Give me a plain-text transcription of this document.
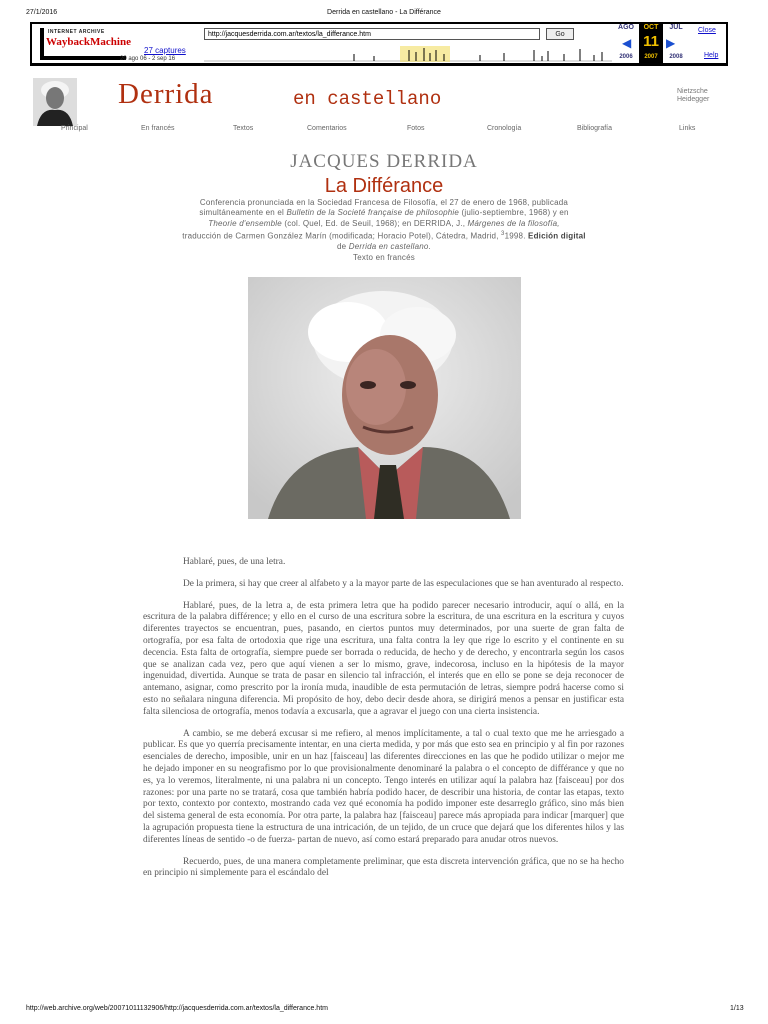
27/1/2016	Derrida en castellano - La Différance
INTERNET ARCHIVE
WaybackMachine
http://jacquesderrida.com.ar/textos/la_differance.htm	Go
27 captures
20 ago 06 - 2 sep 16
AGO	OCT	JUL
◀ 11 ▶
2006	2007	2008
Close
Help
Derrida	en castellano	Nietzsche
Heidegger
Principal	En francés	Textos	Comentarios	Fotos	Cronología	Bibliografía	Links
JACQUES DERRIDA
La Différance
Conferencia pronunciada en la Sociedad Francesa de Filosofía, el 27 de enero de 1968, publicada
simultáneamente en el Bulletin de la Societé française de philosophie (julio-septiembre, 1968) y en
Theorie d'ensemble (col. Quel, Ed. de Seuil, 1968); en DERRIDA, J., Márgenes de la filosofía,
traducción de Carmen González Marín (modificada; Horacio Potel), Cátedra, Madrid, $^3$1998. Edición digital
de Derrida en castellano.
Texto en francés

Hablaré, pues, de una letra.

De la primera, si hay que creer al alfabeto y a la mayor parte de las especulaciones que se han aventurado al respecto.

Hablaré, pues, de la letra a, de esta primera letra que ha podido parecer necesario introducir, aquí o allá, en la escritura de la palabra différence; y ello en el curso de una escritura sobre la escritura, de una escritura en la escritura y cuyos diferentes trayectos se encuentran, pues, pasando, en ciertos puntos muy determinados, por una suerte de gran falta de ortografía, por esa falta de ortodoxia que rige una escritura, una falta contra la ley que rige lo escrito y el continente en su decencia. Esta falta de ortografía, siempre puede ser borrada o reducida, de hecho y de derecho, y encontrarla según los casos que se analizan cada vez, pero que aquí vienen a ser lo mismo, grave, indecorosa, incluso en la hipótesis de la mayor ingenuidad, divertida. Aunque se trata de pasar en silencio tal infracción, el interés que en ello se pone se deja reconocer de antemano, asignar, como prescrito por la ironía muda, inaudible de esta permutación de letras, siempre podrá hacerse como si esto no señalara ninguna diferencia. Mi propósito de hoy, debo decir desde ahora, se dirigirá menos a pensar en justificar esta falta silenciosa de ortografía, menos todavía a excusarla, que a agravar el juego con una cierta insistencia.

A cambio, se me deberá excusar si me refiero, al menos implícitamente, a tal o cual texto que me he arriesgado a publicar. Es que yo querría precisamente intentar, en una cierta medida, y por más que esto sea en principio y al fin por razones esenciales de derecho, imposible, unir en un haz [faisceau] las diferentes direcciones en las que he podido utilizar o mejor me he dejado imponer en su neografismo por lo que provisionalmente denominaré la palabra o el concepto de différance y que no es, ya lo veremos, literalmente, ni una palabra ni un concepto. Tengo interés en utilizar aquí la palabra haz [faisceau] por dos razones: por una parte no se tratará, cosa que también habría podido hacer, de describir una historia, de contar las etapas, texto por texto, contexto por contexto, mostrando cada vez qué economía ha podido imponer este desarreglo gráfico, sino más bien del sistema general de esta economía. Por otra parte, la palabra haz [faisceau] parece más apropiada para indicar [marquer] que la agrupación propuesta tiene la estructura de una intricación, de un tejido, de un cruce que dejará que los diferentes hilos y las diferentes líneas de sentido -o de fuerza- partan de nuevo, así como estará preparado para anudar otros nuevos.

Recuerdo, pues, de una manera completamente preliminar, que esta discreta intervención gráfica, que no se ha hecho en principio ni simplemente para el escándalo del

http://web.archive.org/web/20071011132906/http://jacquesderrida.com.ar/textos/la_differance.htm	1/13
